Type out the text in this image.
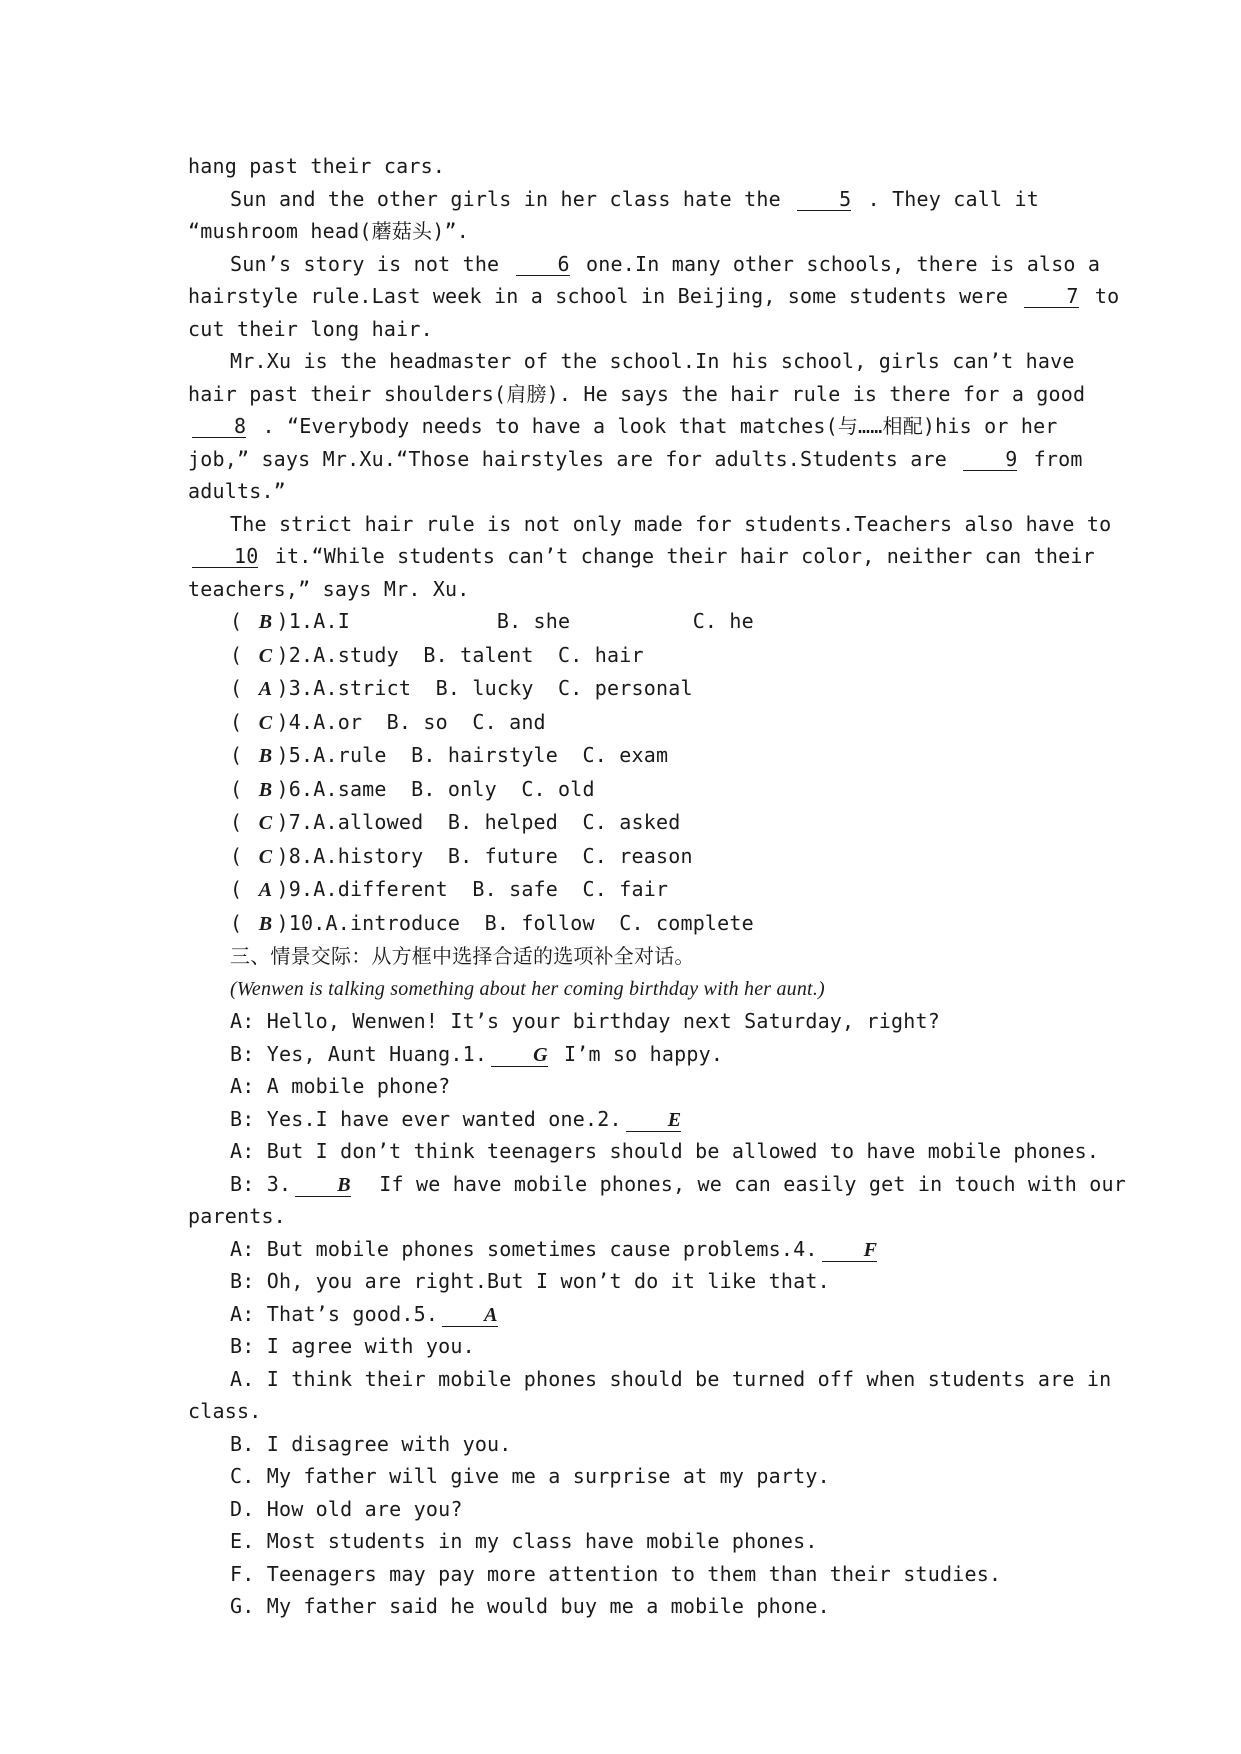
hang past their cars.

Sun and the other girls in her class hate the 5 . They call it “mushroom head(蘑菇头)”.

Sun’s story is not the 6 one.In many other schools, there is also a hairstyle rule.Last week in a school in Beijing, some students were 7 to cut their long hair.

Mr.Xu is the headmaster of the school.In his school, girls can’t have hair past their shoulders(肩膀). He says the hair rule is there for a good 8 . “Everybody needs to have a look that matches(与……相配)his or her job,” says Mr.Xu.“Those hairstyles are for adults.Students are 9 from adults.”

The strict hair rule is not only made for students.Teachers also have to 10 it.“While students can’t change their hair color, neither can their teachers,” says Mr. Xu.

( B )1.A.I            B. she          C. he

( C )2.A.study  B. talent  C. hair

( A )3.A.strict  B. lucky  C. personal

( C )4.A.or  B. so  C. and

( B )5.A.rule  B. hairstyle  C. exam

( B )6.A.same  B. only  C. old

( C )7.A.allowed  B. helped  C. asked

( C )8.A.history  B. future  C. reason

( A )9.A.different  B. safe  C. fair

( B )10.A.introduce  B. follow  C. complete

三、情景交际：从方框中选择合适的选项补全对话。

(Wenwen is talking something about her coming birthday with her aunt.)

A: Hello, Wenwen! It’s your birthday next Saturday, right?

B: Yes, Aunt Huang.1. G I’m so happy.

A: A mobile phone?

B: Yes.I have ever wanted one.2. E

A: But I don’t think teenagers should be allowed to have mobile phones.

B: 3. B  If we have mobile phones, we can easily get in touch with our parents.

A: But mobile phones sometimes cause problems.4. F

B: Oh, you are right.But I won’t do it like that.

A: That’s good.5. A

B: I agree with you.

A. I think their mobile phones should be turned off when students are in class.

B. I disagree with you.

C. My father will give me a surprise at my party.

D. How old are you?

E. Most students in my class have mobile phones.

F. Teenagers may pay more attention to them than their studies.

G. My father said he would buy me a mobile phone.
